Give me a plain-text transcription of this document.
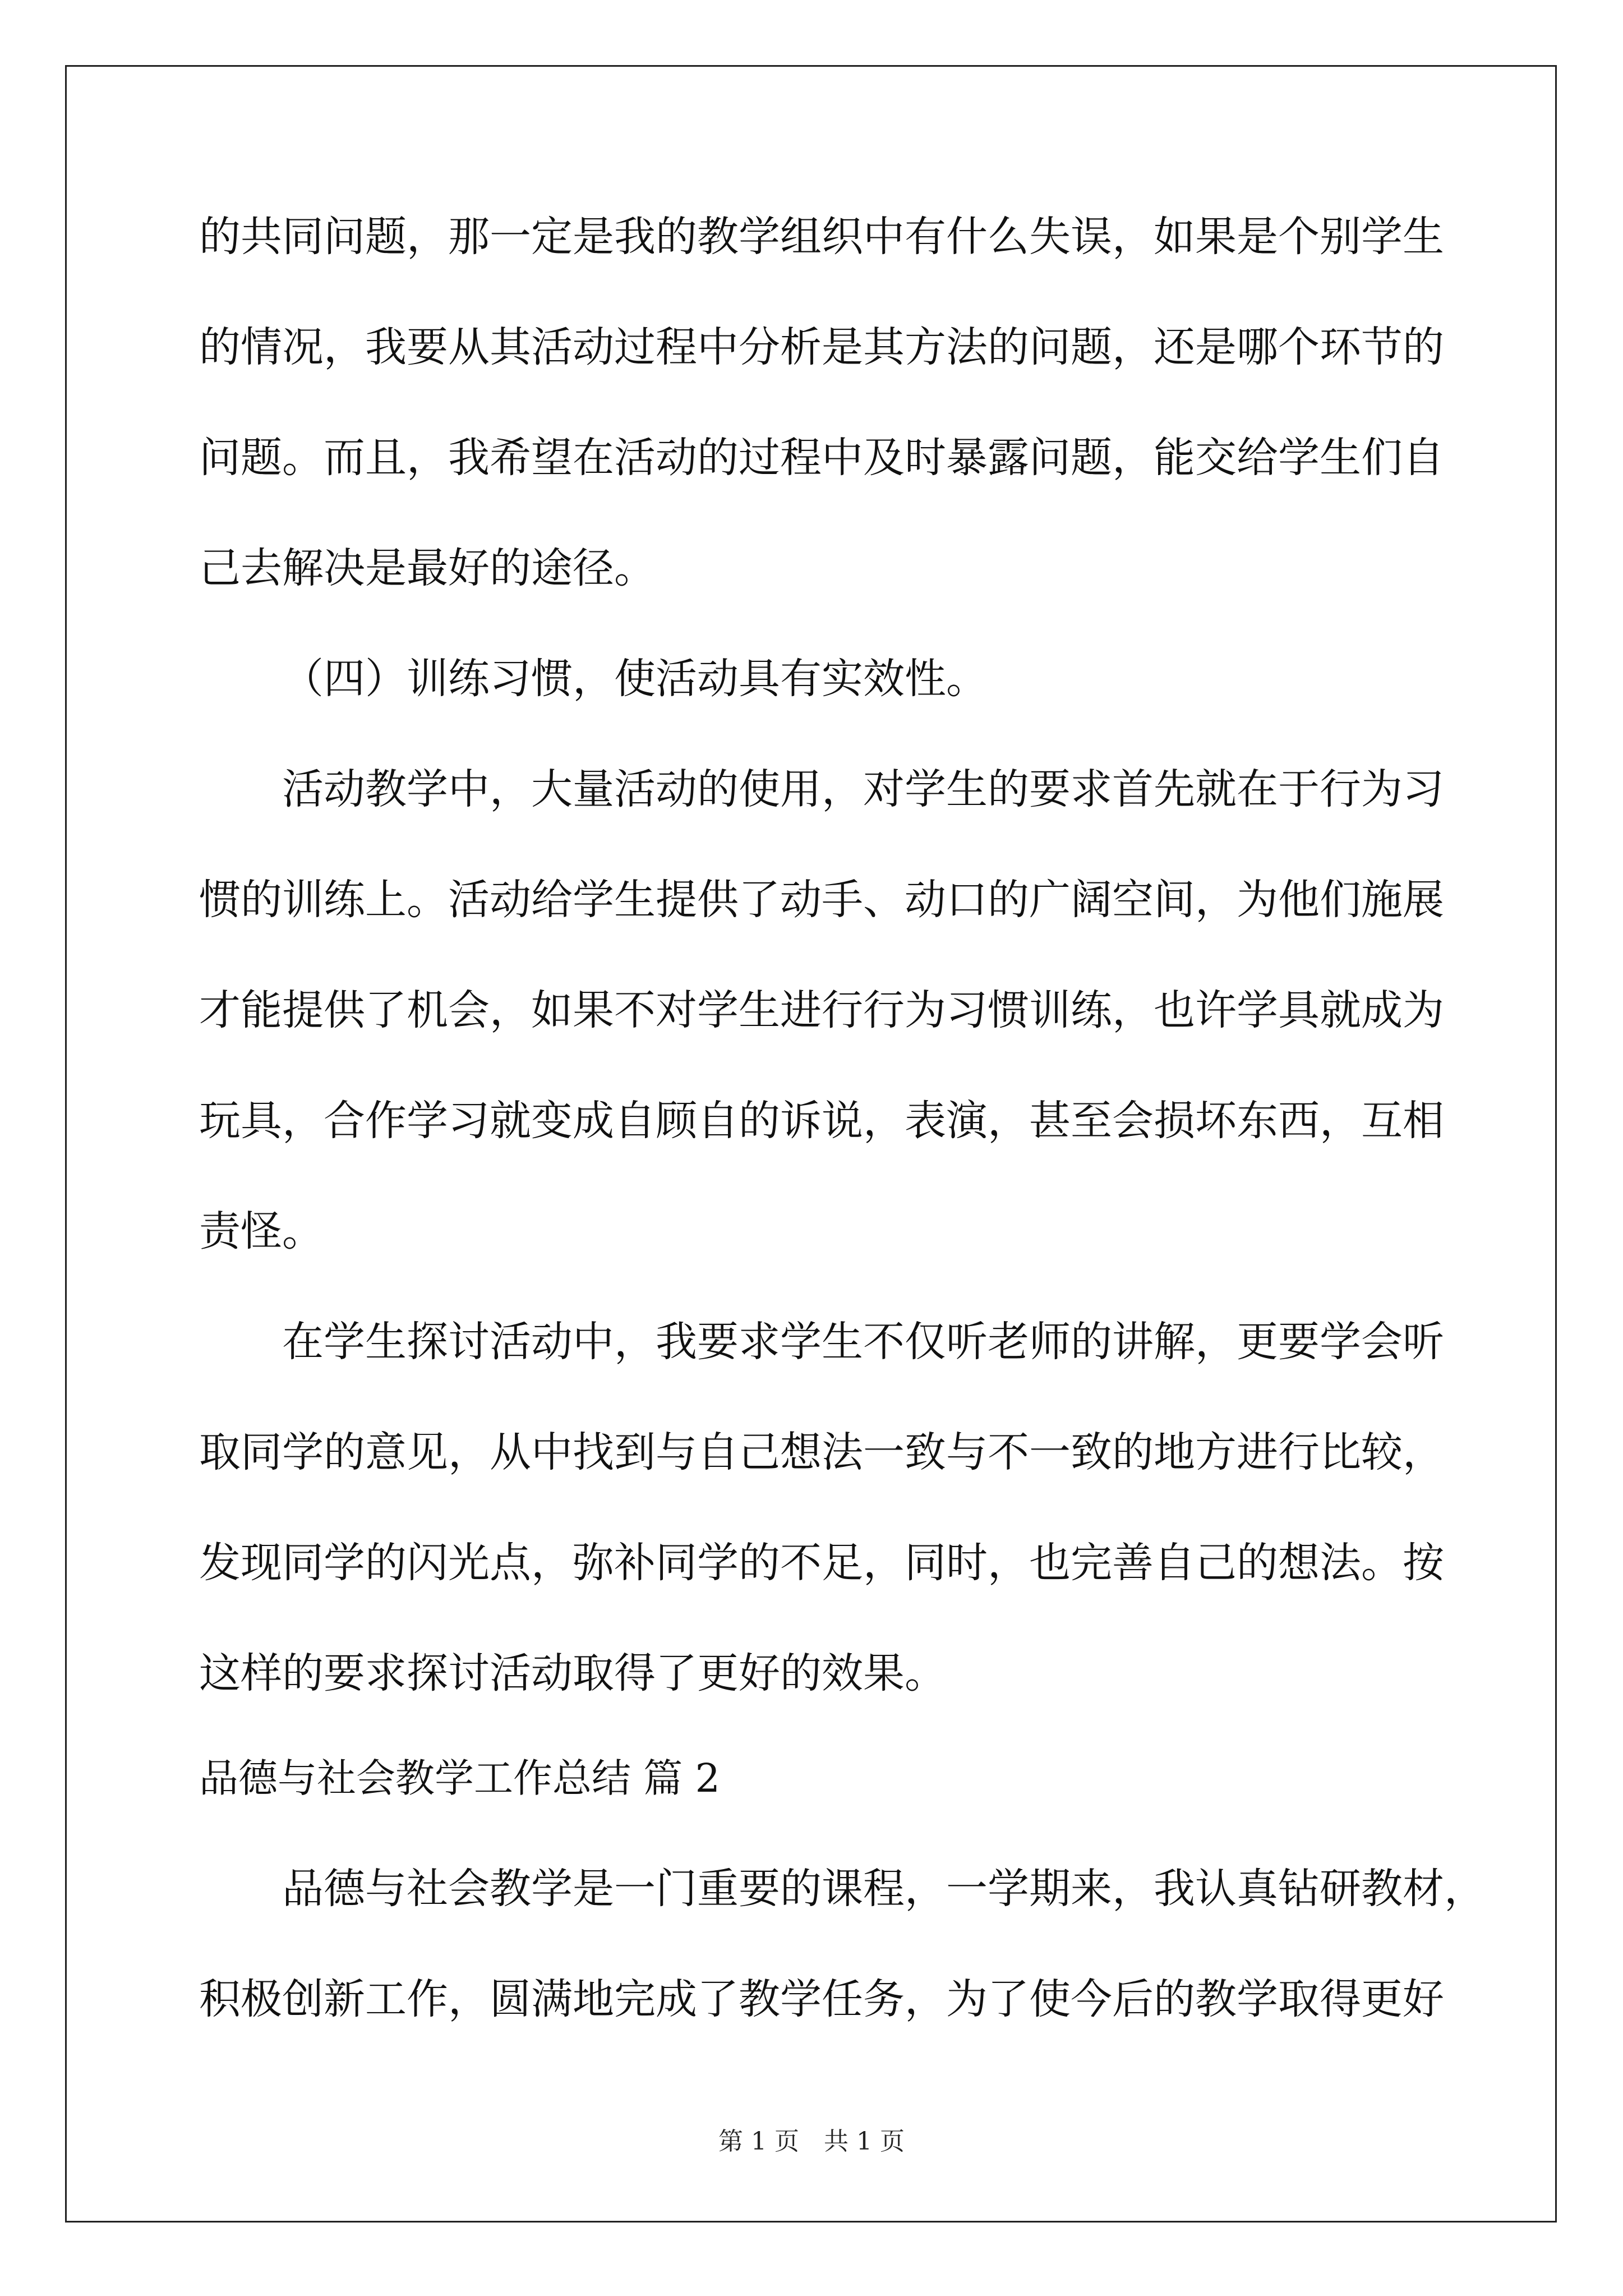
的共同问题，那一定是我的教学组织中有什么失误，如果是个别学生
的情况，我要从其活动过程中分析是其方法的问题，还是哪个环节的
问题。而且，我希望在活动的过程中及时暴露问题，能交给学生们自
己去解决是最好的途径。
（四）训练习惯，使活动具有实效性。
活动教学中，大量活动的使用，对学生的要求首先就在于行为习
惯的训练上。活动给学生提供了动手、动口的广阔空间，为他们施展
才能提供了机会，如果不对学生进行行为习惯训练，也许学具就成为
玩具，合作学习就变成自顾自的诉说，表演，甚至会损坏东西，互相
责怪。
在学生探讨活动中，我要求学生不仅听老师的讲解，更要学会听
取同学的意见，从中找到与自己想法一致与不一致的地方进行比较，
发现同学的闪光点，弥补同学的不足，同时，也完善自己的想法。按
这样的要求探讨活动取得了更好的效果。
品德与社会教学工作总结 篇 2
品德与社会教学是一门重要的课程，一学期来，我认真钻研教材，
积极创新工作，圆满地完成了教学任务，为了使今后的教学取得更好
第 1 页 共 1 页
